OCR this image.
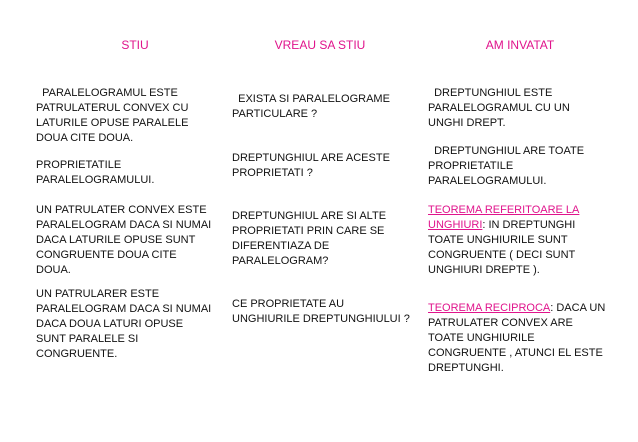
STIU	VREAU SA STIU	AM INVATAT
PARALELOGRAMUL ESTE
PATRULATERUL CONVEX CU
LATURILE OPUSE PARALELE
DOUA CITE DOUA.
PROPRIETATILE
PARALELOGRAMULUI.
UN PATRULATER CONVEX ESTE
PARALELOGRAM DACA SI NUMAI
DACA LATURILE OPUSE SUNT
CONGRUENTE DOUA CITE
DOUA.
UN PATRULARER ESTE
PARALELOGRAM DACA SI NUMAI
DACA DOUA LATURI OPUSE
SUNT PARALELE SI
CONGRUENTE.
EXISTA SI PARALELOGRAME
PARTICULARE ?
DREPTUNGHIUL ARE ACESTE
PROPRIETATI ?
DREPTUNGHIUL ARE SI ALTE
PROPRIETATI PRIN CARE SE
DIFERENTIAZA DE
PARALELOGRAM?
CE PROPRIETATE AU
UNGHIURILE DREPTUNGHIULUI ?
DREPTUNGHIUL ESTE
PARALELOGRAMUL CU UN
UNGHI DREPT.
DREPTUNGHIUL ARE TOATE
PROPRIETATILE
PARALELOGRAMULUI.
TEOREMA REFERITOARE LA
UNGHIURI: IN DREPTUNGHI
TOATE UNGHIURILE SUNT
CONGRUENTE ( DECI SUNT
UNGHIURI DREPTE ).
TEOREMA RECIPROCA: DACA UN
PATRULATER CONVEX ARE
TOATE UNGHIURILE
CONGRUENTE , ATUNCI EL ESTE
DREPTUNGHI.
